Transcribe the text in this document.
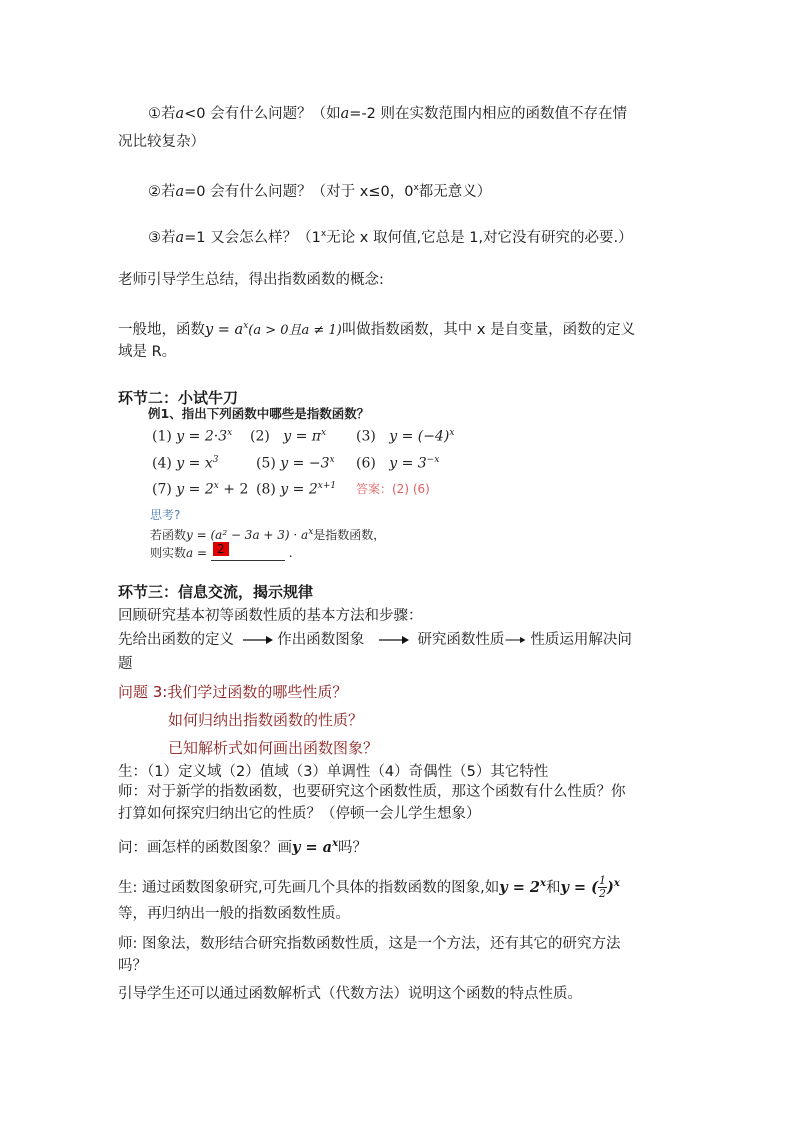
①若a<0 会有什么问题？（如a=-2 则在实数范围内相应的函数值不存在情
况比较复杂）
②若a=0 会有什么问题？（对于 x≤0，0$^x$都无意义）
③若a=1 又会怎么样？（1$^x$无论 x 取何值,它总是 1,对它没有研究的必要.）
老师引导学生总结，得出指数函数的概念:
一般地，函数$y = a^x(a > 0$且a ≠ 1)叫做指数函数，其中 x 是自变量，函数的定义
域是 R。
环节二：小试牛刀
例1、指出下列函数中哪些是指数函数？
(1) $y = 2\cdot 3^x$ (2) $y = \pi^x$ (3) $y = (-4)^x$
(4) $y = x^3$	(5) $y = -3^x$ (6) $y = 3^{-x}$
(7) $y = 2^x + 2$ (8) $y = 2^{x+1}$ 答案：(2) (6)
思考?
若函数$y = (a^2 - 3a + 3) \cdot a^x$是指数函数，
则实数a = 2	.
环节三：信息交流，揭示规律
回顾研究基本初等函数性质的基本方法和步骤：
先给出函数的定义	作出函数图象	研究函数性质 性质运用解决问
题
问题 3:我们学过函数的哪些性质？
如何归纳出指数函数的性质？
已知解析式如何画出函数图象？
生：（1）定义域（2）值域（3）单调性（4）奇偶性（5）其它特性
师：对于新学的指数函数，也要研究这个函数性质，那这个函数有什么性质？你
打算如何探究归纳出它的性质？（停顿一会儿学生想象）
问：画怎样的函数图象？画$y = a^x$吗？
生: 通过函数图象研究,可先画几个具体的指数函数的图象,如$y = 2^x$和y = ( $\frac{1}{2} )^x$
等，再归纳出一般的指数函数性质。
师: 图象法，数形结合研究指数函数性质，这是一个方法，还有其它的研究方法
吗？
引导学生还可以通过函数解析式（代数方法）说明这个函数的特点性质。
